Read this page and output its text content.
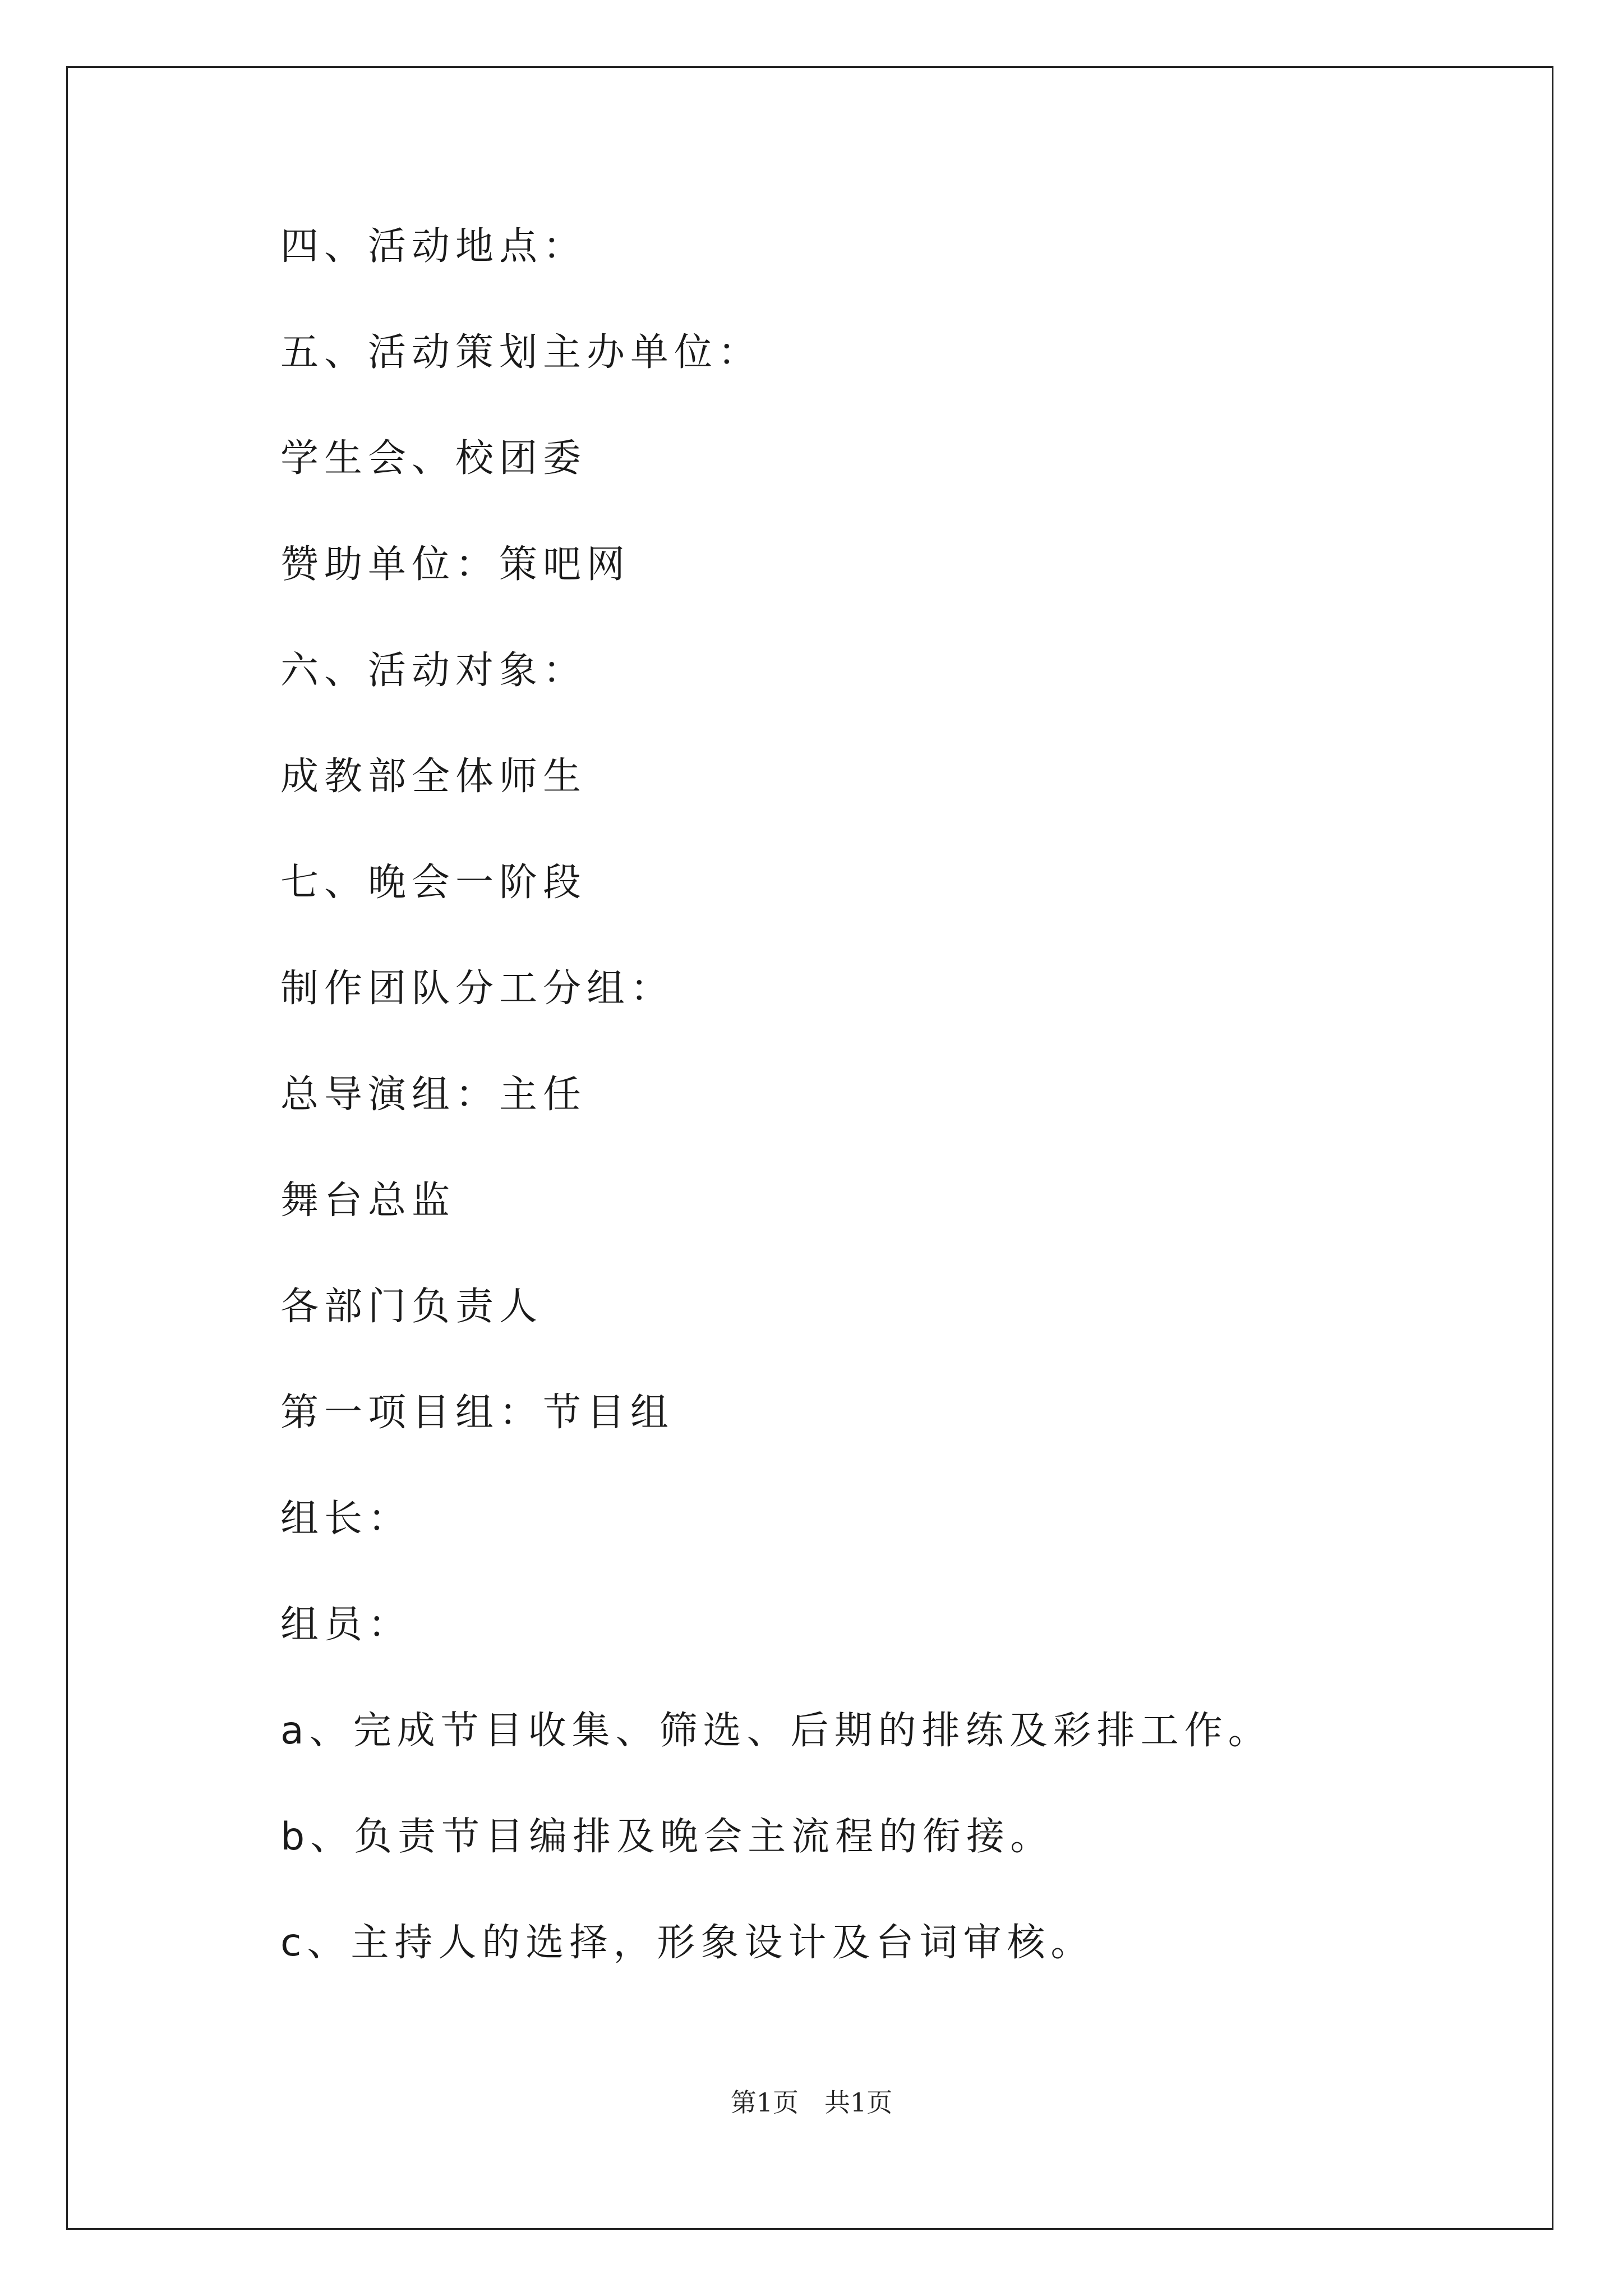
四、活动地点：
五、活动策划主办单位：
学生会、校团委
赞助单位：策吧网
六、活动对象：
成教部全体师生
七、晚会一阶段
制作团队分工分组：
总导演组：主任
舞台总监
各部门负责人
第一项目组：节目组
组长：
组员：
a、完成节目收集、筛选、后期的排练及彩排工作。
b、负责节目编排及晚会主流程的衔接。
c、主持人的选择，形象设计及台词审核。
第1页　共1页
